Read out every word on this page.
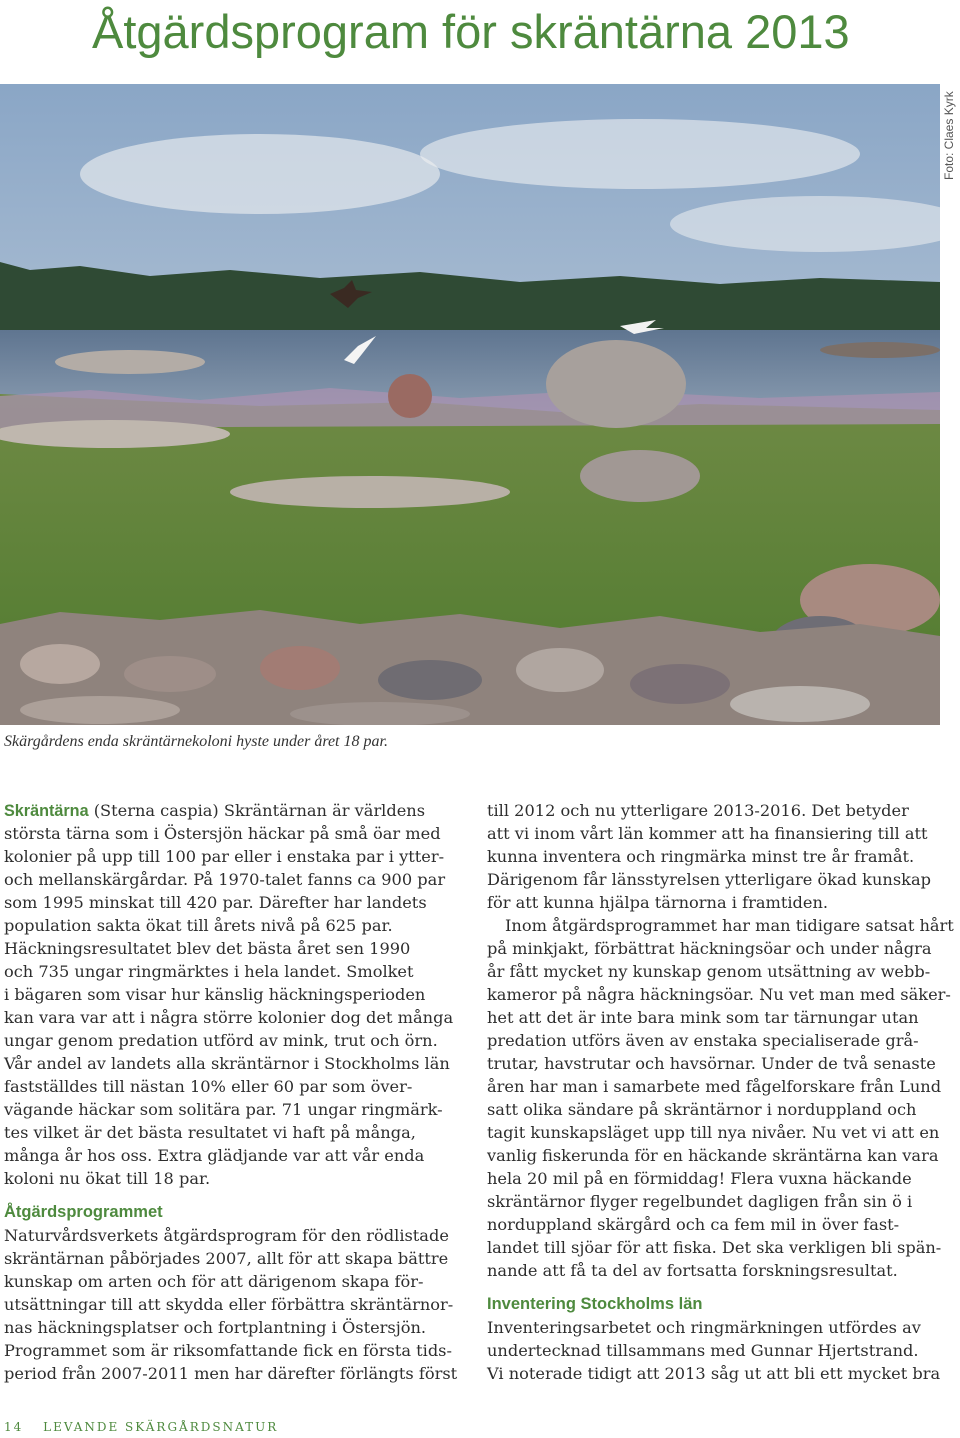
Åtgärdsprogram för skräntärna 2013
Foto: Claes Kyrk

Skärgårdens enda skräntärnekoloni hyste under året 18 par.

Skräntärna (Sterna caspia) Skräntärnan är världens
största tärna som i Östersjön häckar på små öar med
kolonier på upp till 100 par eller i enstaka par i ytter-
och mellanskärgårdar. På 1970-talet fanns ca 900 par
som 1995 minskat till 420 par. Därefter har landets
population sakta ökat till årets nivå på 625 par.
Häckningsresultatet blev det bästa året sen 1990
och 735 ungar ringmärktes i hela landet. Smolket
i bägaren som visar hur känslig häckningsperioden
kan vara var att i några större kolonier dog det många
ungar genom predation utförd av mink, trut och örn.
Vår andel av landets alla skräntärnor i Stockholms län
fastställdes till nästan 10% eller 60 par som över-
vägande häckar som solitära par. 71 ungar ringmärk-
tes vilket är det bästa resultatet vi haft på många,
många år hos oss. Extra glädjande var att vår enda
koloni nu ökat till 18 par.
Åtgärdsprogrammet
Naturvårdsverkets åtgärdsprogram för den rödlistade
skräntärnan påbörjades 2007, allt för att skapa bättre
kunskap om arten och för att därigenom skapa för-
utsättningar till att skydda eller förbättra skräntärnor-
nas häckningsplatser och fortplantning i Östersjön.
Programmet som är riksomfattande fick en första tids-
period från 2007-2011 men har därefter förlängts först
till 2012 och nu ytterligare 2013-2016. Det betyder
att vi inom vårt län kommer att ha finansiering till att
kunna inventera och ringmärka minst tre år framåt.
Därigenom får länsstyrelsen ytterligare ökad kunskap
för att kunna hjälpa tärnorna i framtiden.
Inom åtgärdsprogrammet har man tidigare satsat hårt
på minkjakt, förbättrat häckningsöar och under några
år fått mycket ny kunskap genom utsättning av webb-
kameror på några häckningsöar. Nu vet man med säker-
het att det är inte bara mink som tar tärnungar utan
predation utförs även av enstaka specialiserade grå-
trutar, havstrutar och havsörnar. Under de två senaste
åren har man i samarbete med fågelforskare från Lund
satt olika sändare på skräntärnor i norduppland och
tagit kunskapsläget upp till nya nivåer. Nu vet vi att en
vanlig fiskerunda för en häckande skräntärna kan vara
hela 20 mil på en förmiddag! Flera vuxna häckande
skräntärnor flyger regelbundet dagligen från sin ö i
norduppland skärgård och ca fem mil in över fast-
landet till sjöar för att fiska. Det ska verkligen bli spän-
nande att få ta del av fortsatta forskningsresultat.
Inventering Stockholms län
Inventeringsarbetet och ringmärkningen utfördes av
undertecknad tillsammans med Gunnar Hjertstrand.
Vi noterade tidigt att 2013 såg ut att bli ett mycket bra
14 LEVANDE SKÄRGÅRDSNATUR
